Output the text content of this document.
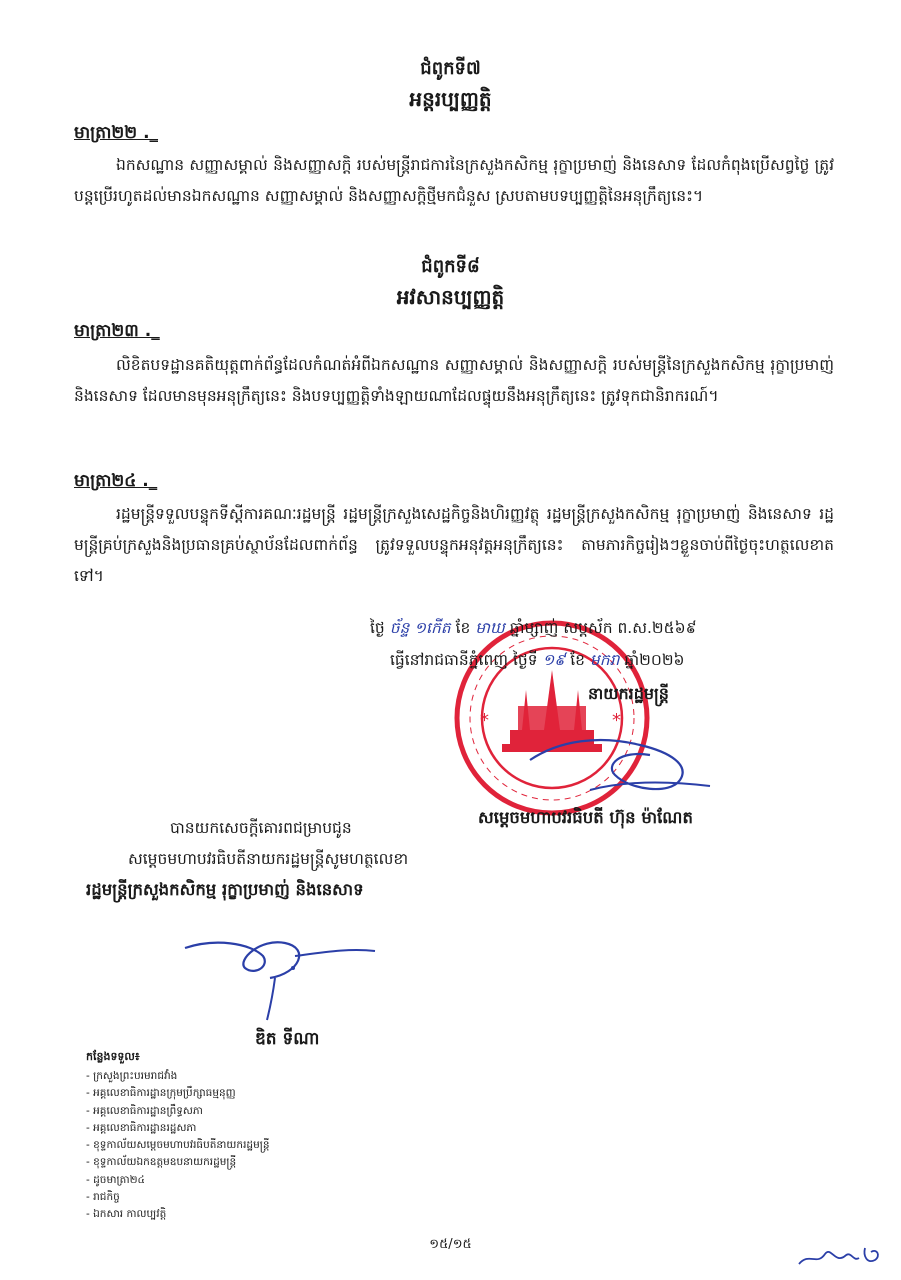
ជំពូកទី៧
អន្តរប្បញ្ញត្តិ
មាត្រា២២ ._
ឯកសណ្ឋាន សញ្ញាសម្គាល់ និងសញ្ញាសក្តិ របស់មន្ត្រីរាជការនៃក្រសួងកសិកម្ម រុក្ខាប្រមាញ់ និងនេសាទ ដែលកំពុងប្រើសព្វថ្ងៃ ត្រូវបន្តប្រើរហូតដល់មានឯកសណ្ឋាន សញ្ញាសម្គាល់ និងសញ្ញាសក្តិថ្មីមកជំនួស ស្របតាមបទប្បញ្ញត្តិនៃអនុក្រឹត្យនេះ។
ជំពូកទី៨
អវសានប្បញ្ញត្តិ
មាត្រា២៣ ._
លិខិតបទដ្ឋានគតិយុត្តពាក់ព័ន្ធដែលកំណត់អំពីឯកសណ្ឋាន សញ្ញាសម្គាល់ និងសញ្ញាសក្តិ របស់មន្ត្រីនៃក្រសួងកសិកម្ម រុក្ខាប្រមាញ់ និងនេសាទ ដែលមានមុនអនុក្រឹត្យនេះ និងបទប្បញ្ញត្តិទាំងឡាយណាដែលផ្ទុយនឹងអនុក្រឹត្យនេះ ត្រូវទុកជានិរាករណ៍។
មាត្រា២៤ ._
រដ្ឋមន្ត្រីទទួលបន្ទុកទីស្តីការគណៈរដ្ឋមន្ត្រី រដ្ឋមន្ត្រីក្រសួងសេដ្ឋកិច្ចនិងហិរញ្ញវត្ថុ រដ្ឋមន្ត្រីក្រសួងកសិកម្ម រុក្ខាប្រមាញ់ និងនេសាទ រដ្ឋមន្ត្រីគ្រប់ក្រសួងនិងប្រធានគ្រប់ស្ថាប័នដែលពាក់ព័ន្ធ ត្រូវទទួលបន្ទុកអនុវត្តអនុក្រឹត្យនេះ តាមភារកិច្ចរៀងៗខ្លួនចាប់ពីថ្ងៃចុះហត្ថលេខាតទៅ។
*	*
ថ្ងៃ ច័ន្ទ ១កើត ខែ មាឃ ឆ្នាំម្សាញ់ សប្តស័ក ព.ស.២៥៦៩
ធ្វើនៅរាជធានីភ្នំពេញ ថ្ងៃទី ១៩ ខែ មករា ឆ្នាំ២០២៦
នាយករដ្ឋមន្ត្រី
សម្តេចមហាបវរធិបតី ហ៊ុន ម៉ាណែត
បានយកសេចក្តីគោរពជម្រាបជូន
សម្តេចមហាបវរធិបតីនាយករដ្ឋមន្ត្រីសូមហត្ថលេខា
រដ្ឋមន្ត្រីក្រសួងកសិកម្ម រុក្ខាប្រមាញ់ និងនេសាទ
ឌិត ទីណា
កន្លែងទទួល៖
- ក្រសួងព្រះបរមរាជវាំង
- អគ្គលេខាធិការដ្ឋានក្រុមប្រឹក្សាធម្មនុញ្ញ
- អគ្គលេខាធិការដ្ឋានព្រឹទ្ធសភា
- អគ្គលេខាធិការដ្ឋានរដ្ឋសភា
- ខុទ្ទកាល័យសម្តេចមហាបវរធិបតីនាយករដ្ឋមន្ត្រី
- ខុទ្ទកាល័យឯកឧត្តមឧបនាយករដ្ឋមន្ត្រី
- ដូចមាត្រា២៤
- រាជកិច្ច
- ឯកសារ កាលប្បវត្តិ
១៥/១៥
